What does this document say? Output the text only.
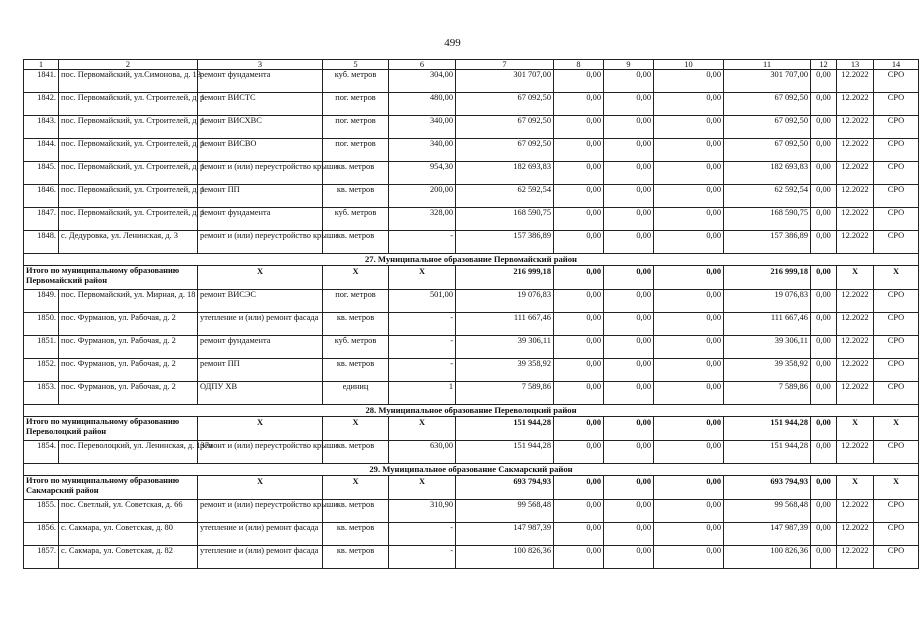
499
1	2	3	5	6	7	8	9	10	11	12	13	14
1841.	пос. Первомайский, ул.Симонова, д. 13	ремонт фундамента	куб. метров	304,00	301 707,00	0,00	0,00	0,00	301 707,00	0,00	12.2022	СРО
1842.	пос. Первомайский, ул. Строителей, д. 1	ремонт ВИСТС	пог. метров	480,00	67 092,50	0,00	0,00	0,00	67 092,50	0,00	12.2022	СРО
1843.	пос. Первомайский, ул. Строителей, д. 1	ремонт ВИСХВС	пог. метров	340,00	67 092,50	0,00	0,00	0,00	67 092,50	0,00	12.2022	СРО
1844.	пос. Первомайский, ул. Строителей, д. 1	ремонт ВИСВО	пог. метров	340,00	67 092,50	0,00	0,00	0,00	67 092,50	0,00	12.2022	СРО
1845.	пос. Первомайский, ул. Строителей, д. 1	ремонт и (или) переустройство крыши	кв. метров	954,30	182 693,83	0,00	0,00	0,00	182 693,83	0,00	12.2022	СРО
1846.	пос. Первомайский, ул. Строителей, д. 1	ремонт ПП	кв. метров	200,00	62 592,54	0,00	0,00	0,00	62 592,54	0,00	12.2022	СРО
1847.	пос. Первомайский, ул. Строителей, д. 1	ремонт фундамента	куб. метров	328,00	168 590,75	0,00	0,00	0,00	168 590,75	0,00	12.2022	СРО
1848.	с. Дедуровка, ул. Ленинская, д. 3	ремонт и (или) переустройство крыши	кв. метров	-	157 386,89	0,00	0,00	0,00	157 386,89	0,00	12.2022	СРО
27. Муниципальное образование Первомайский район												
Итого по муниципальному образованию Первомайский район		X	X	X	216 999,18	0,00	0,00	0,00	216 999,18	0,00	X	X
1849.	пос. Первомайский, ул. Мирная, д. 18	ремонт ВИСЭС	пог. метров	501,00	19 076,83	0,00	0,00	0,00	19 076,83	0,00	12.2022	СРО
1850.	пос. Фурманов, ул. Рабочая, д. 2	утепление и (или) ремонт фасада	кв. метров	-	111 667,46	0,00	0,00	0,00	111 667,46	0,00	12.2022	СРО
1851.	пос. Фурманов, ул. Рабочая, д. 2	ремонт фундамента	куб. метров	-	39 306,11	0,00	0,00	0,00	39 306,11	0,00	12.2022	СРО
1852.	пос. Фурманов, ул. Рабочая, д. 2	ремонт ПП	кв. метров	-	39 358,92	0,00	0,00	0,00	39 358,92	0,00	12.2022	СРО
1853.	пос. Фурманов, ул. Рабочая, д. 2	ОДПУ ХВ	единиц	1	7 589,86	0,00	0,00	0,00	7 589,86	0,00	12.2022	СРО
28. Муниципальное образование Переволоцкий район												
Итого по муниципальному образованию Переволоцкий район		X	X	X	151 944,28	0,00	0,00	0,00	151 944,28	0,00	X	X
1854.	пос. Переволоцкий, ул. Ленинская, д. 137а	ремонт и (или) переустройство крыши	кв. метров	630,00	151 944,28	0,00	0,00	0,00	151 944,28	0,00	12.2022	СРО
29. Муниципальное образование Сакмарский район												
Итого по муниципальному образованию Сакмарский район		X	X	X	693 794,93	0,00	0,00	0,00	693 794,93	0,00	X	X
1855.	пос. Светлый, ул. Советская, д. 66	ремонт и (или) переустройство крыши	кв. метров	310,90	99 568,48	0,00	0,00	0,00	99 568,48	0,00	12.2022	СРО
1856.	с. Сакмара, ул. Советская, д. 80	утепление и (или) ремонт фасада	кв. метров	-	147 987,39	0,00	0,00	0,00	147 987,39	0,00	12.2022	СРО
1857.	с. Сакмара, ул. Советская, д. 82	утепление и (или) ремонт фасада	кв. метров	-	100 826,36	0,00	0,00	0,00	100 826,36	0,00	12.2022	СРО
